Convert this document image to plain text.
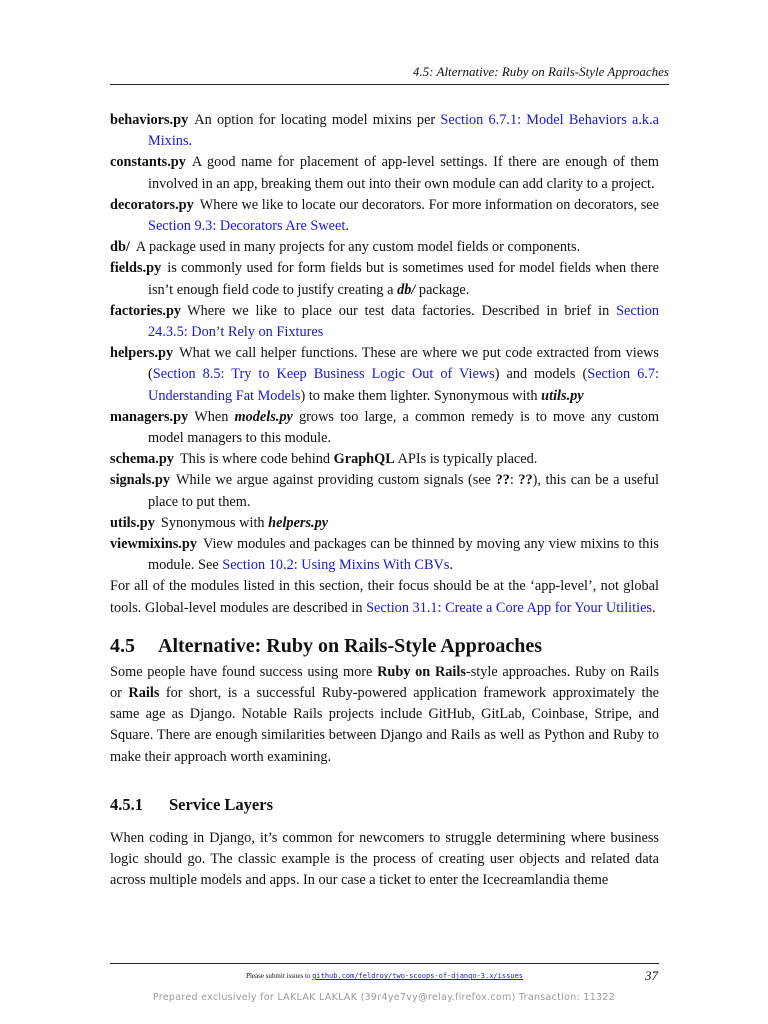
4.5: Alternative: Ruby on Rails-Style Approaches

behaviors.py An option for locating model mixins per Section 6.7.1: Model Behaviors a.k.a Mixins.

constants.py A good name for placement of app-level settings. If there are enough of them involved in an app, breaking them out into their own module can add clarity to a project.

decorators.py Where we like to locate our decorators. For more information on decorators, see Section 9.3: Decorators Are Sweet.

db/ A package used in many projects for any custom model fields or components.

fields.py is commonly used for form fields but is sometimes used for model fields when there isn’t enough field code to justify creating a db/ package.

factories.py Where we like to place our test data factories. Described in brief in Section 24.3.5: Don’t Rely on Fixtures

helpers.py What we call helper functions. These are where we put code extracted from views (Section 8.5: Try to Keep Business Logic Out of Views) and models (Section 6.7: Understanding Fat Models) to make them lighter. Synonymous with utils.py

managers.py When models.py grows too large, a common remedy is to move any custom model managers to this module.

schema.py This is where code behind GraphQL APIs is typically placed.

signals.py While we argue against providing custom signals (see ??: ??), this can be a useful place to put them.

utils.py Synonymous with helpers.py

viewmixins.py View modules and packages can be thinned by moving any view mixins to this module. See Section 10.2: Using Mixins With CBVs.

For all of the modules listed in this section, their focus should be at the ‘app-level’, not global tools. Global-level modules are described in Section 31.1: Create a Core App for Your Utilities.

4.5 Alternative: Ruby on Rails-Style Approaches

Some people have found success using more Ruby on Rails-style approaches. Ruby on Rails or Rails for short, is a successful Ruby-powered application framework approximately the same age as Django. Notable Rails projects include GitHub, GitLab, Coinbase, Stripe, and Square. There are enough similarities between Django and Rails as well as Python and Ruby to make their approach worth examining.

4.5.1 Service Layers

When coding in Django, it’s common for newcomers to struggle determining where business logic should go. The classic example is the process of creating user objects and related data across multiple models and apps. In our case a ticket to enter the Icecreamlandia theme

Please submit issues to github.com/feldroy/two-scoops-of-django-3.x/issues	37
Prepared exclusively for LAKLAK LAKLAK (39r4ye7vy@relay.firefox.com) Transaction: 11322
